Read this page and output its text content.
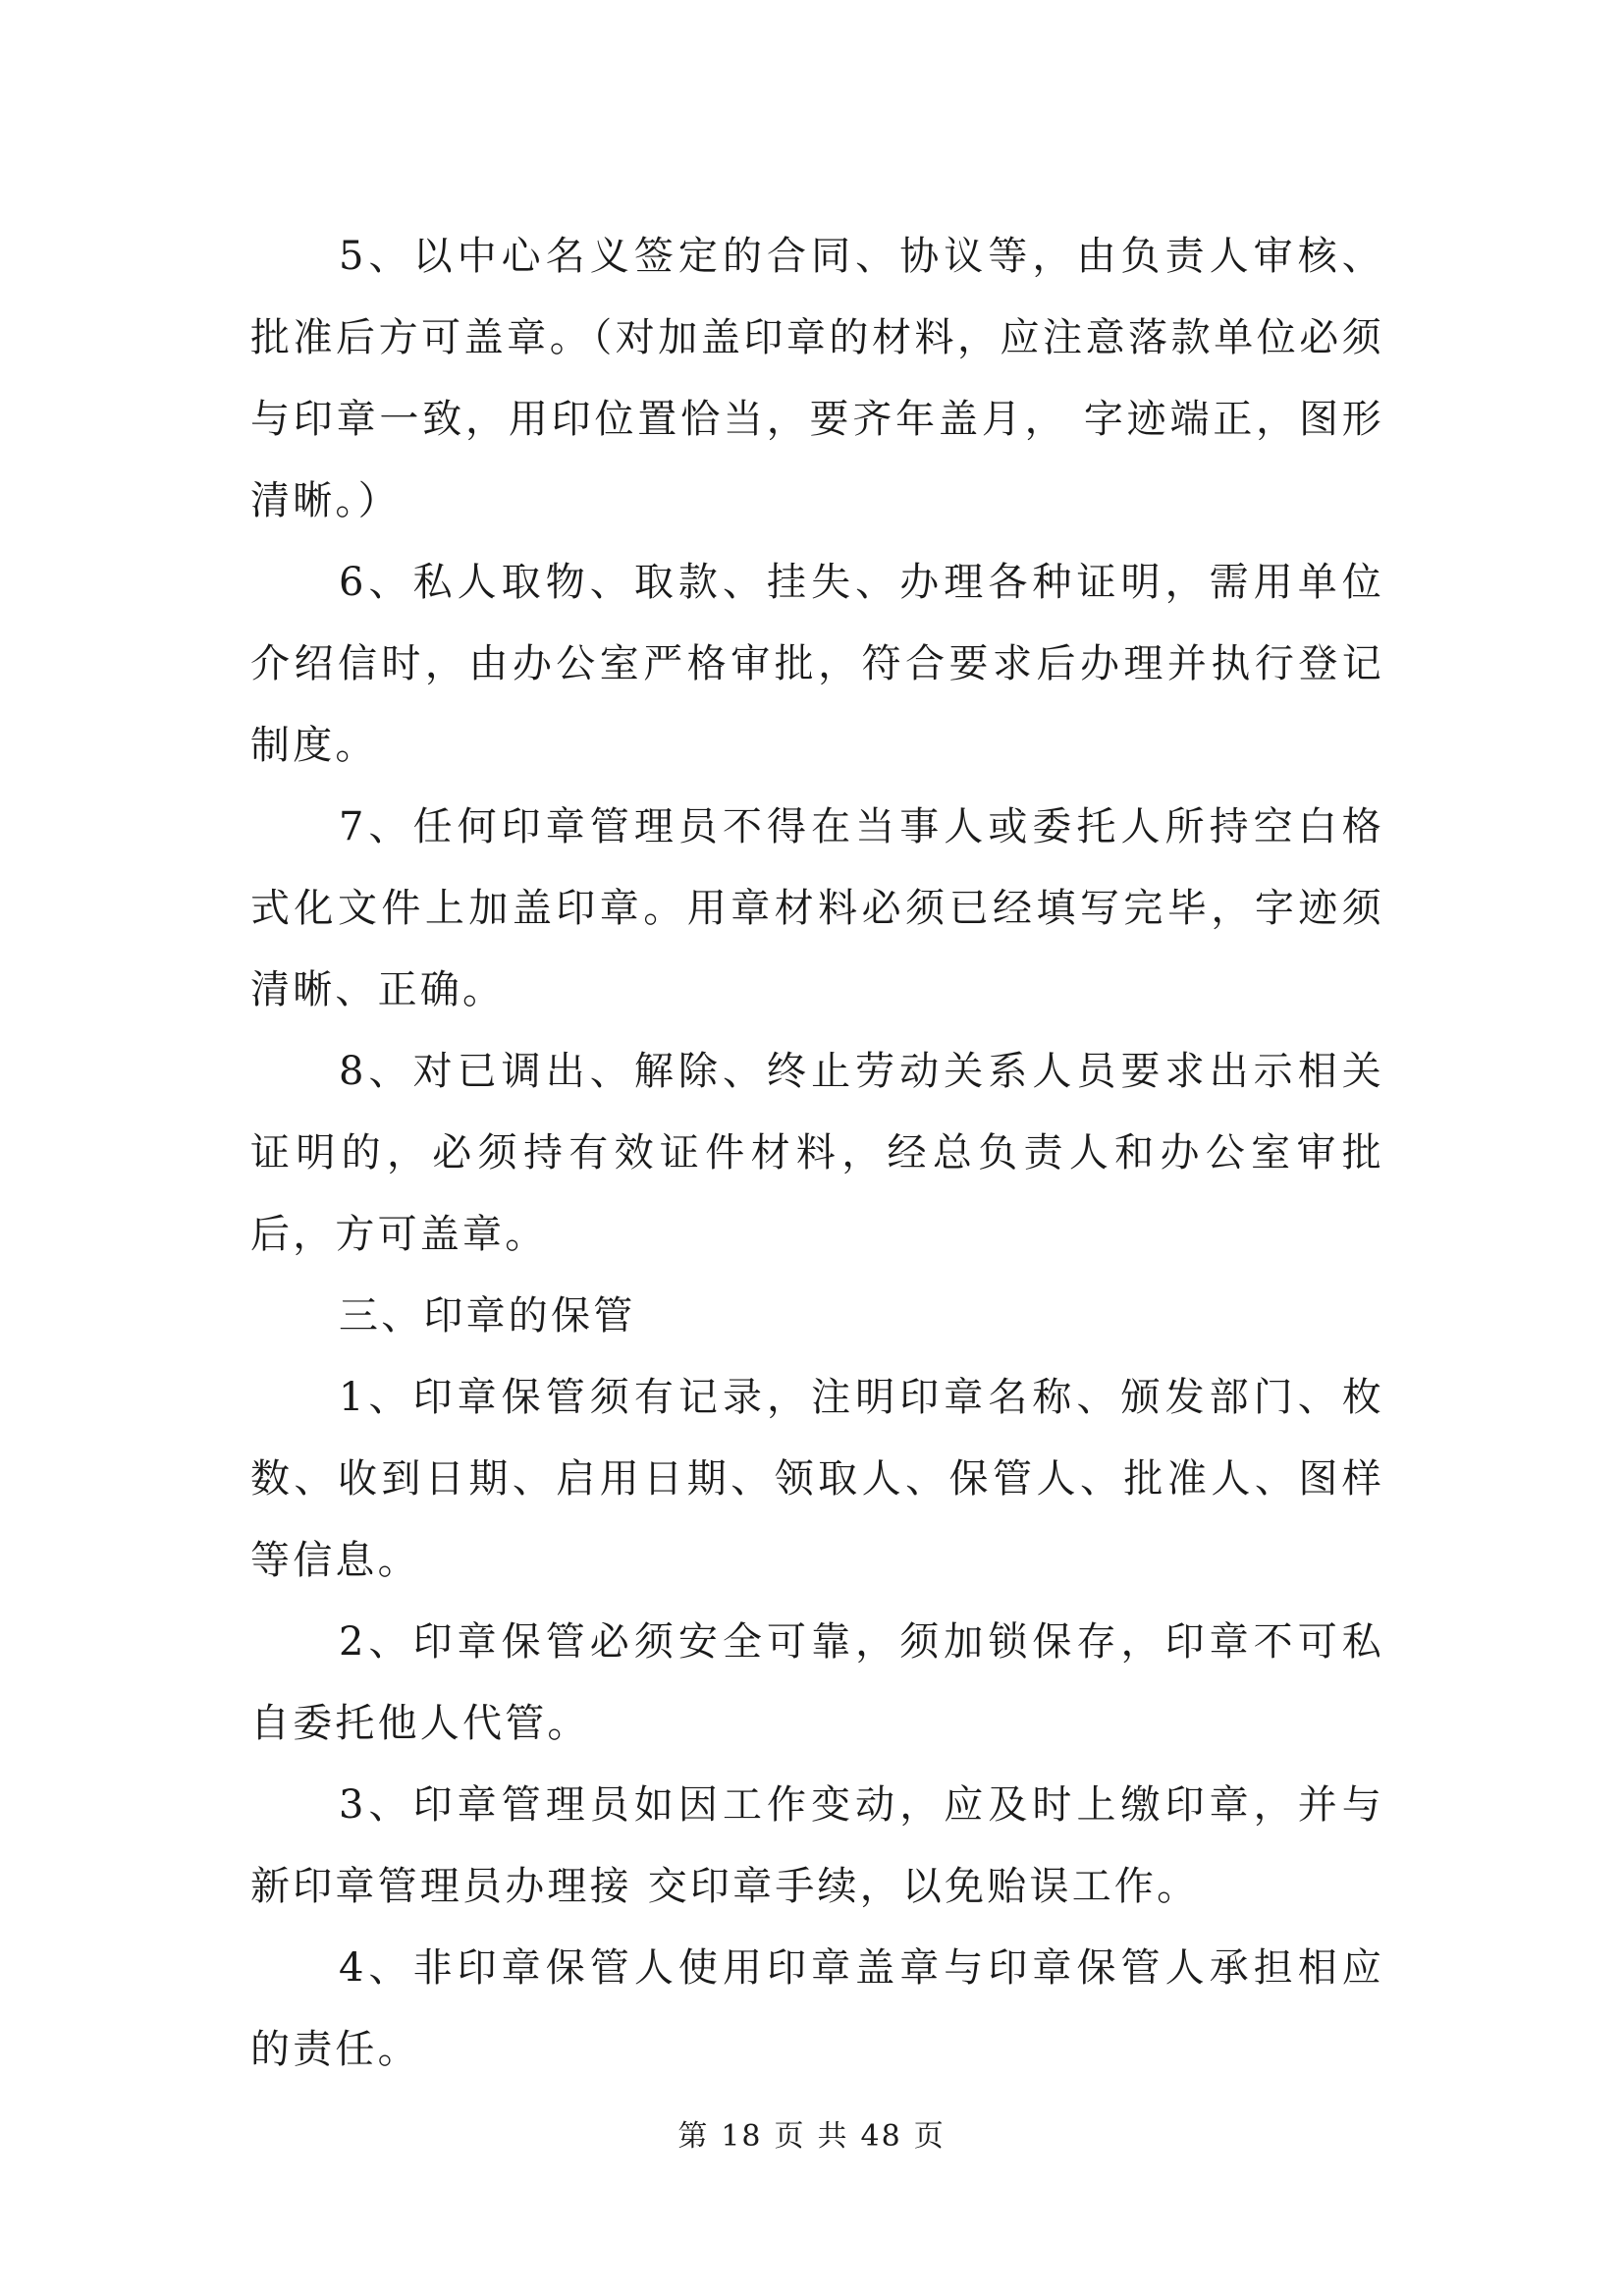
5、以中心名义签定的合同、协议等，由负责人审核、批准后方可盖章。（对加盖印章的材料，应注意落款单位必须与印章一致，用印位置恰当，要齐年盖月， 字迹端正，图形清晰。）

6、私人取物、取款、挂失、办理各种证明，需用单位介绍信时，由办公室严格审批，符合要求后办理并执行登记制度。

7、任何印章管理员不得在当事人或委托人所持空白格式化文件上加盖印章。用章材料必须已经填写完毕，字迹须清晰、正确。

8、对已调出、解除、终止劳动关系人员要求出示相关证明的，必须持有效证件材料，经总负责人和办公室审批后，方可盖章。

三、印章的保管

1、印章保管须有记录，注明印章名称、颁发部门、枚数、收到日期、启用日期、领取人、保管人、批准人、图样等信息。

2、印章保管必须安全可靠，须加锁保存，印章不可私自委托他人代管。

3、印章管理员如因工作变动，应及时上缴印章，并与新印章管理员办理接 交印章手续，以免贻误工作。

4、非印章保管人使用印章盖章与印章保管人承担相应的责任。

第 18 页 共 48 页
